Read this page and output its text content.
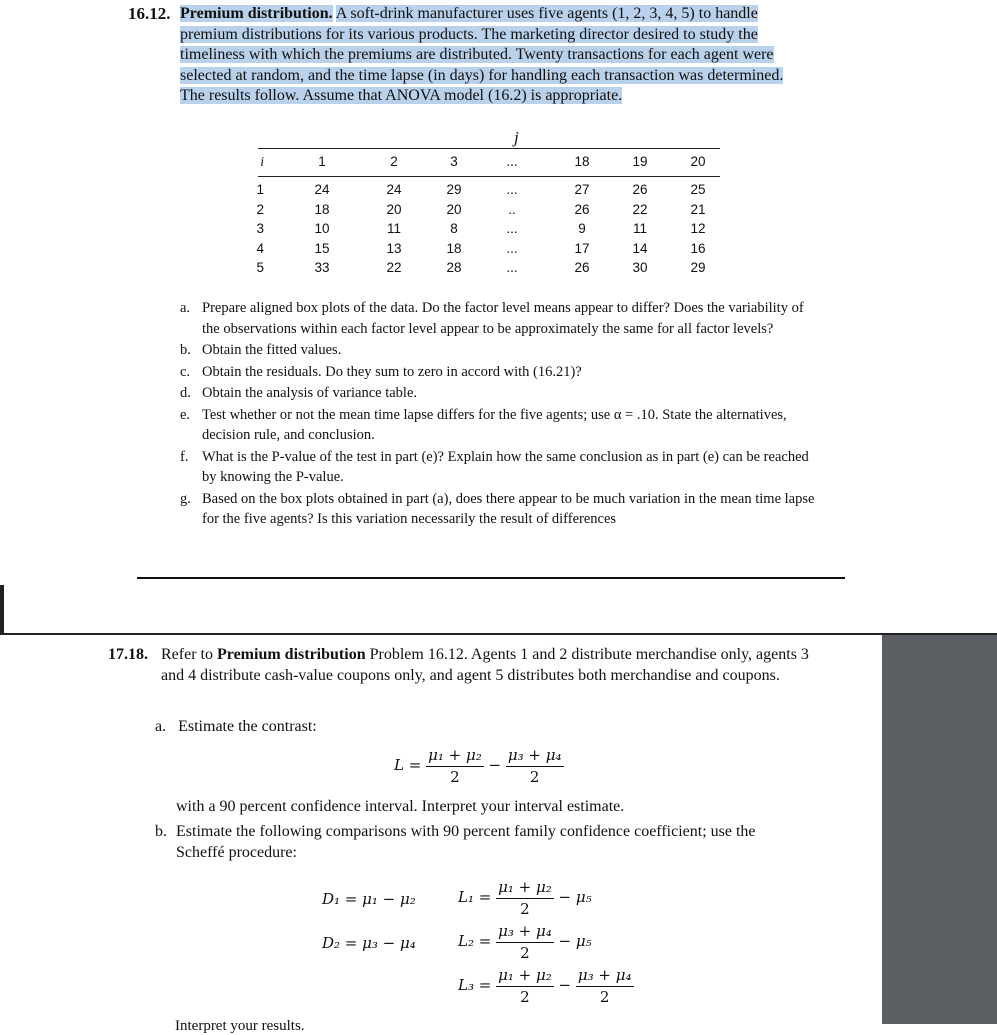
16.12. Premium distribution. A soft-drink manufacturer uses five agents (1, 2, 3, 4, 5) to handle
premium distributions for its various products. The marketing director desired to study the
timeliness with which the premiums are distributed. Twenty transactions for each agent were
selected at random, and the time lapse (in days) for handling each transaction was determined.
The results follow. Assume that ANOVA model (16.2) is appropriate.
j
i	1	2	3	...	18	19	20
1	24	24	29	...	27	26	25
2	18	20	20	..	26	22	21
3	10	11	8	...	9	11	12
4	15	13	18	...	17	14	16
5	33	22	28	...	26	30	29
a. Prepare aligned box plots of the data. Do the factor level means appear to differ? Does the variability of the observations within each factor level appear to be approximately the same for all factor levels?
b. Obtain the fitted values.
c. Obtain the residuals. Do they sum to zero in accord with (16.21)?
d. Obtain the analysis of variance table.
e. Test whether or not the mean time lapse differs for the five agents; use α = .10. State the alternatives, decision rule, and conclusion.
f. What is the P-value of the test in part (e)? Explain how the same conclusion as in part (e) can be reached by knowing the P-value.
g. Based on the box plots obtained in part (a), does there appear to be much variation in the mean time lapse for the five agents? Is this variation necessarily the result of differences
17.18. Refer to Premium distribution Problem 16.12. Agents 1 and 2 distribute merchandise only, agents 3 and 4 distribute cash-value coupons only, and agent 5 distributes both merchandise and coupons.
a. Estimate the contrast:
$L = \frac{\text{μ₁ + μ₂}}{2} - \frac{\text{μ₃ + μ₄}}{2}$
with a 90 percent confidence interval. Interpret your interval estimate.
b. Estimate the following comparisons with 90 percent family confidence coefficient; use the Scheffé procedure:
D₁ = μ₁ − μ₂
D₂ = μ₃ − μ₄
$L_1 = \frac{\text{μ₁ + μ₂}}{2} - \mu_5$
$L_2 = \frac{\text{μ₃ + μ₄}}{2} - \mu_5$
$L_3 = \frac{\text{μ₁ + μ₂}}{2} - \frac{\text{μ₃ + μ₄}}{2}$
Interpret your results.
